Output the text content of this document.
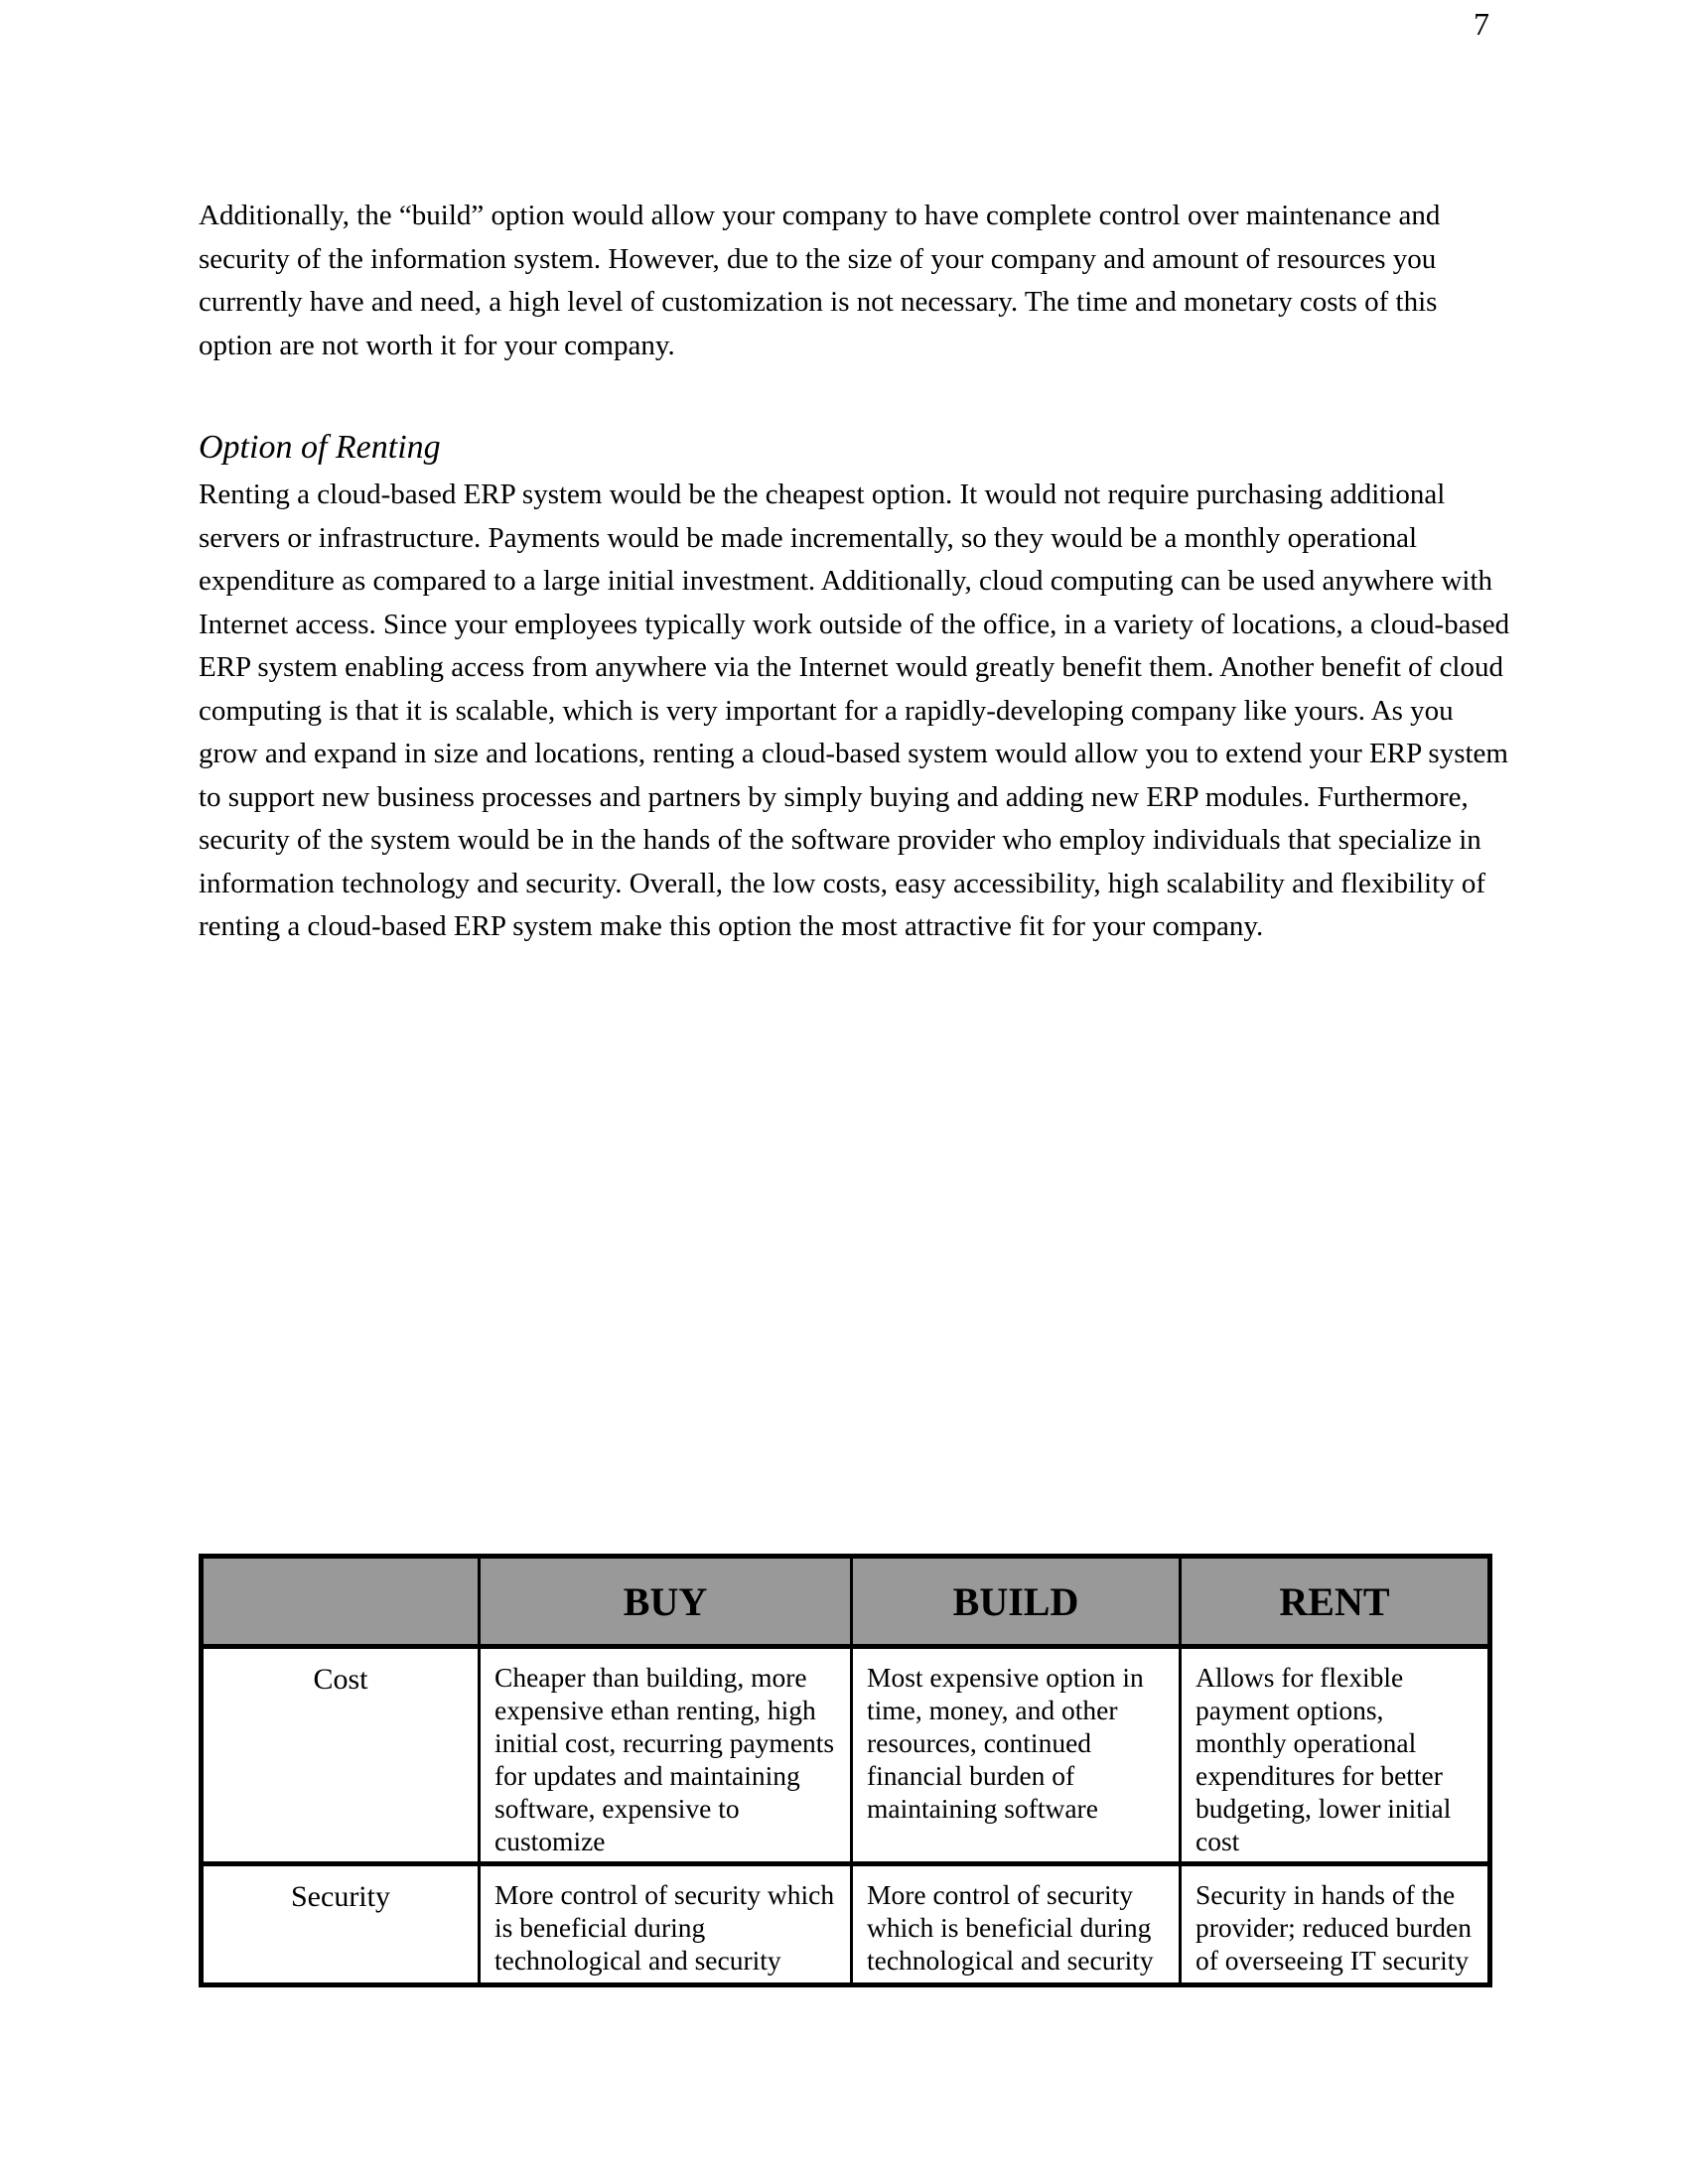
7

Additionally, the “build” option would allow your company to have complete control over maintenance and security of the information system. However, due to the size of your company and amount of resources you currently have and need, a high level of customization is not necessary. The time and monetary costs of this option are not worth it for your company.

Option of Renting

Renting a cloud-based ERP system would be the cheapest option. It would not require purchasing additional servers or infrastructure. Payments would be made incrementally, so they would be a monthly operational expenditure as compared to a large initial investment. Additionally, cloud computing can be used anywhere with Internet access. Since your employees typically work outside of the office, in a variety of locations, a cloud-based ERP system enabling access from anywhere via the Internet would greatly benefit them. Another benefit of cloud computing is that it is scalable, which is very important for a rapidly-developing company like yours. As you grow and expand in size and locations, renting a cloud-based system would allow you to extend your ERP system to support new business processes and partners by simply buying and adding new ERP modules. Furthermore, security of the system would be in the hands of the software provider who employ individuals that specialize in information technology and security. Overall, the low costs, easy accessibility, high scalability and flexibility of renting a cloud-based ERP system make this option the most attractive fit for your company.

	BUY	BUILD	RENT
Cost	Cheaper than building, more expensive ethan renting, high initial cost, recurring payments for updates and maintaining software, expensive to customize	Most expensive option in time, money, and other resources, continued financial burden of maintaining software	Allows for flexible payment options, monthly operational expenditures for better budgeting, lower initial cost
Security	More control of security which is beneficial during technological and security	More control of security which is beneficial during technological and security	Security in hands of the provider; reduced burden of overseeing IT security
